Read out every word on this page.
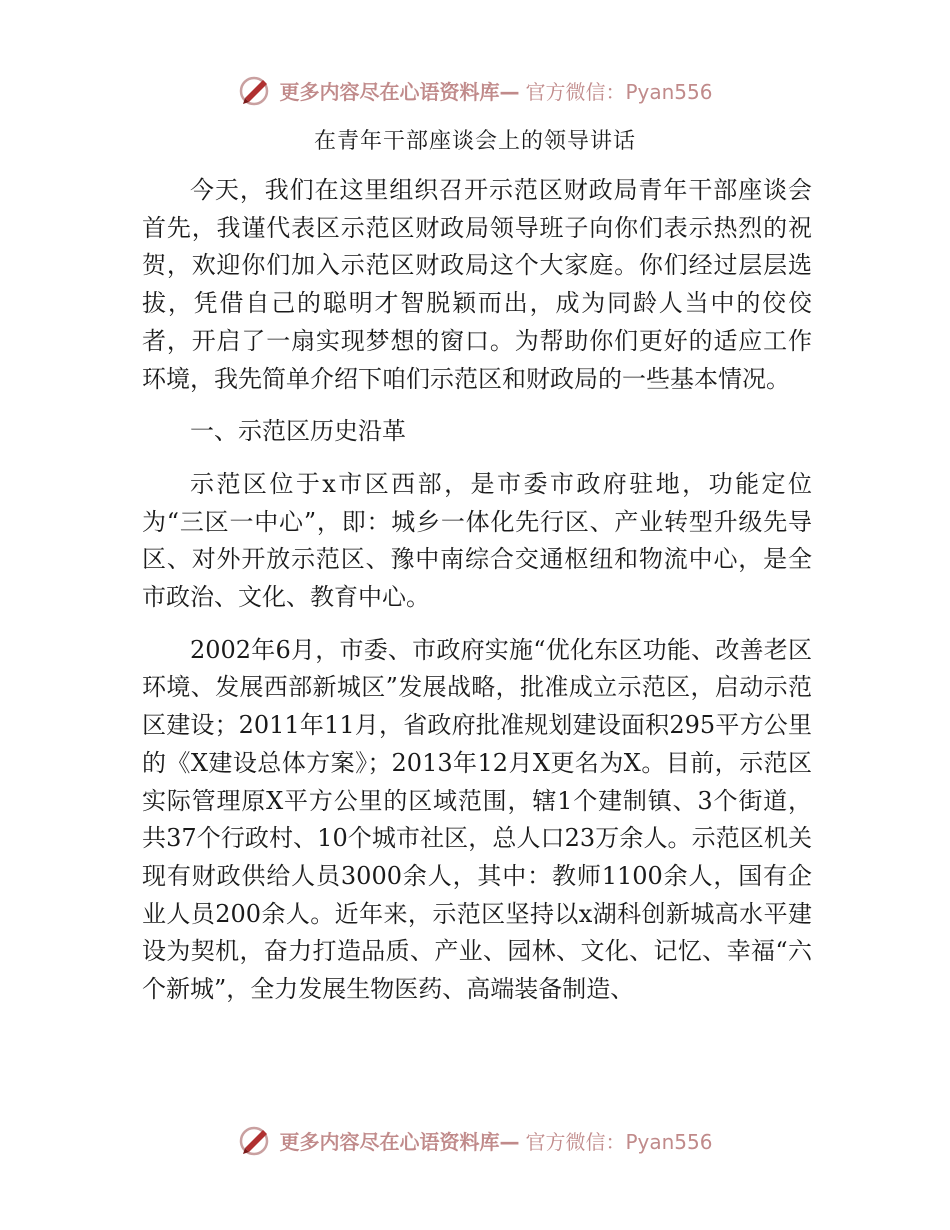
更多内容尽在心语资料库— 官方微信：Pyan556
在青年干部座谈会上的领导讲话

今天，我们在这里组织召开示范区财政局青年干部座谈会首先，我谨代表区示范区财政局领导班子向你们表示热烈的祝贺，欢迎你们加入示范区财政局这个大家庭。你们经过层层选拔，凭借自己的聪明才智脱颖而出，成为同龄人当中的佼佼者，开启了一扇实现梦想的窗口。为帮助你们更好的适应工作环境，我先简单介绍下咱们示范区和财政局的一些基本情况。

一、示范区历史沿革

示范区位于x市区西部，是市委市政府驻地，功能定位为“三区一中心”，即：城乡一体化先行区、产业转型升级先导区、对外开放示范区、豫中南综合交通枢纽和物流中心，是全市政治、文化、教育中心。

2002年6月，市委、市政府实施“优化东区功能、改善老区环境、发展西部新城区”发展战略，批准成立示范区，启动示范区建设；2011年11月，省政府批准规划建设面积295平方公里的《X建设总体方案》；2013年12月X更名为X。目前，示范区实际管理原X平方公里的区域范围，辖1个建制镇、3个街道，共37个行政村、10个城市社区，总人口23万余人。示范区机关现有财政供给人员3000余人，其中：教师1100余人，国有企业人员200余人。近年来，示范区坚持以x湖科创新城高水平建设为契机，奋力打造品质、产业、园林、文化、记忆、幸福“六个新城”，全力发展生物医药、高端装备制造、

更多内容尽在心语资料库— 官方微信：Pyan556
